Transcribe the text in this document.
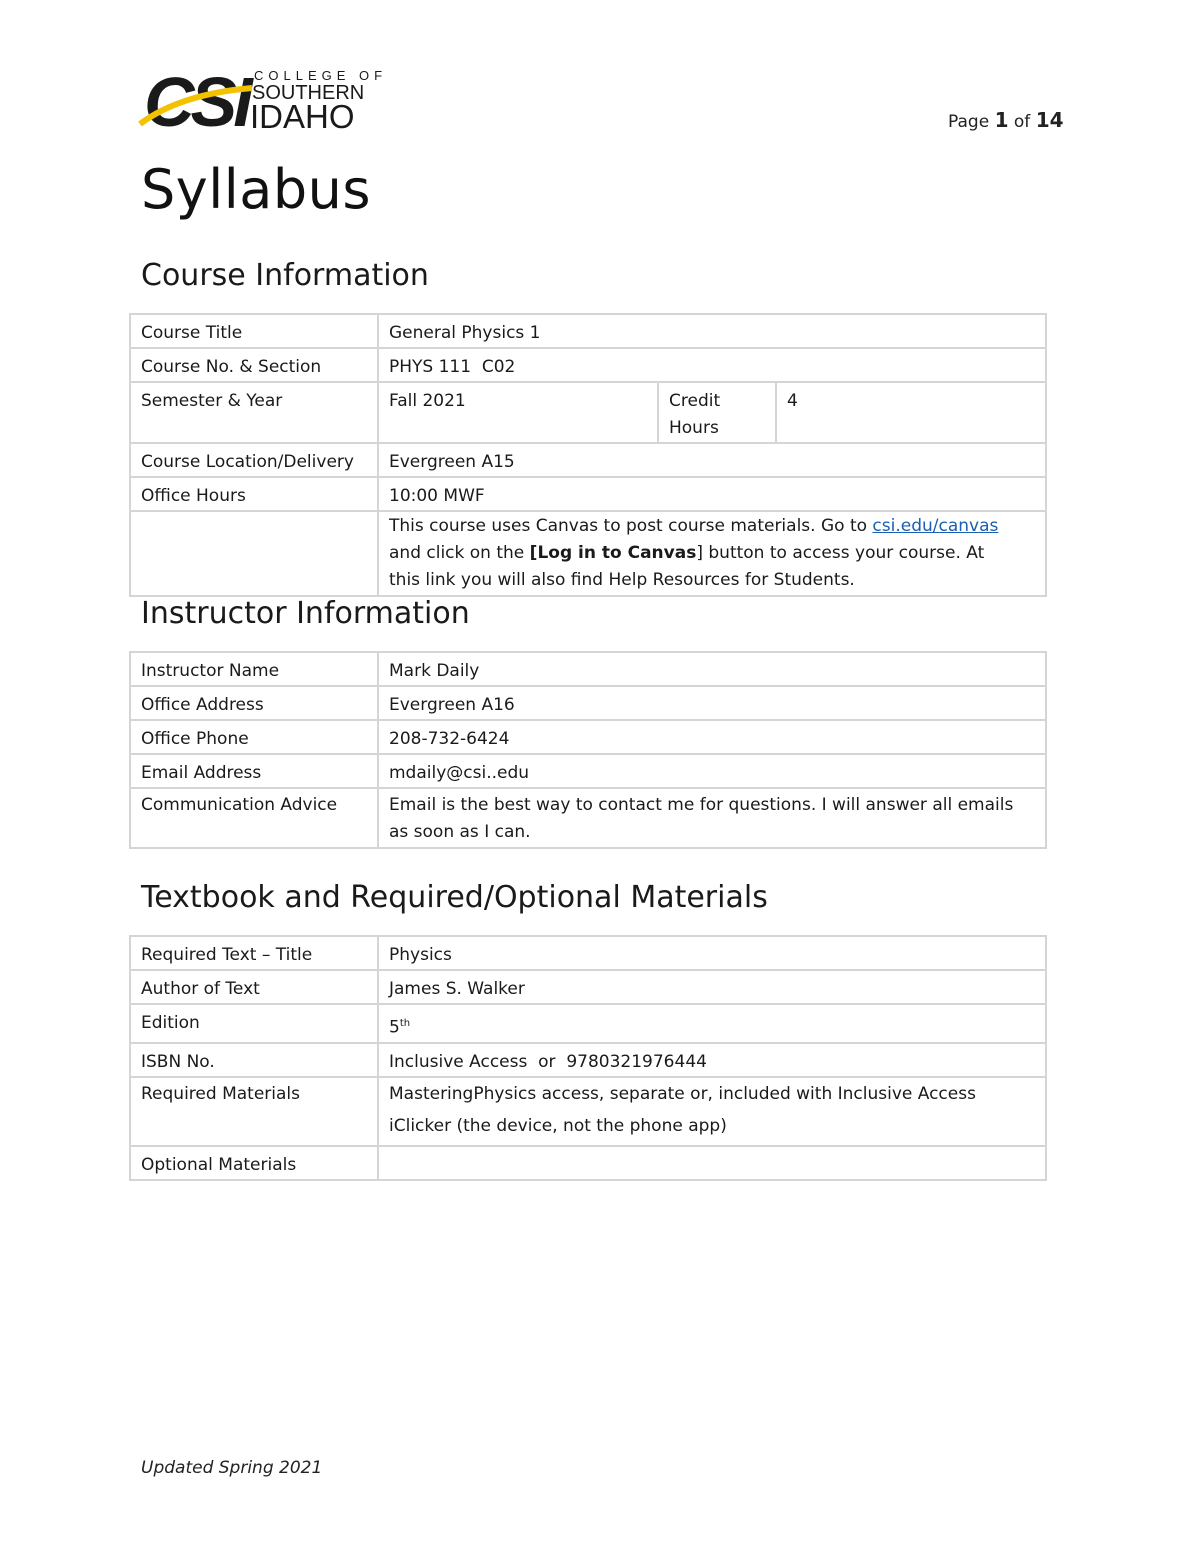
CSI COLLEGE OF
SOUTHERN
IDAHO	Page 1 of 14
Syllabus
Course Information
Course Title	General Physics 1		
Course No. & Section	PHYS 111  C02		
Semester & Year	Fall 2021	Credit Hours	4
Course Location/Delivery	Evergreen A15		
Office Hours	10:00 MWF		
	This course uses Canvas to post course materials. Go to csi.edu/canvas and click on the [Log in to Canvas] button to access your course. At this link you will also find Help Resources for Students.		
Instructor Information
Instructor Name	Mark Daily
Office Address	Evergreen A16
Office Phone	208-732-6424
Email Address	mdaily@csi..edu
Communication Advice	Email is the best way to contact me for questions. I will answer all emails as soon as I can.
Textbook and Required/Optional Materials
Required Text – Title	Physics
Author of Text	James S. Walker
Edition	5th
ISBN No.	Inclusive Access  or  9780321976444
Required Materials	MasteringPhysics access, separate or, included with Inclusive Access
iClicker (the device, not the phone app)

Optional Materials	
Updated Spring 2021
